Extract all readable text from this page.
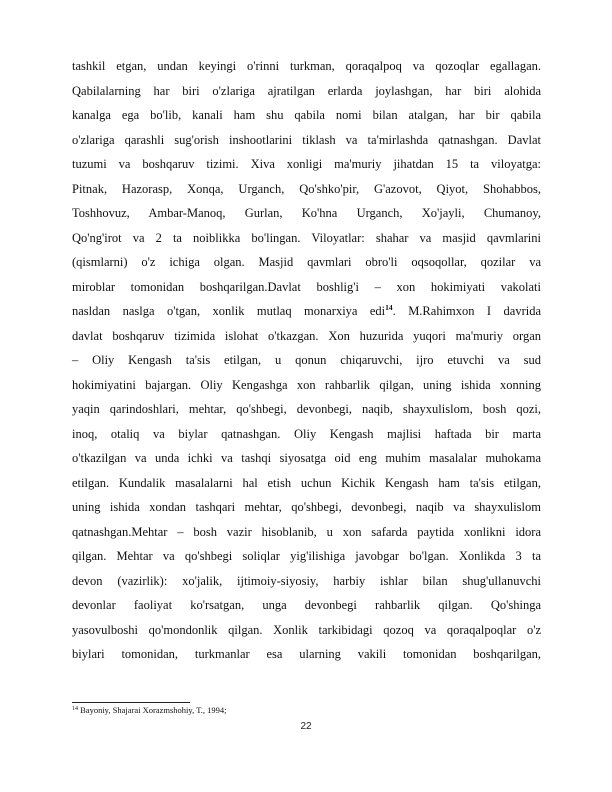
tashkil etgan, undan keyingi o'rinni turkman, qoraqalpoq va qozoqlar egallagan.
Qabilalarning har biri o'zlariga ajratilgan erlarda joylashgan, har biri alohida
kanalga ega bo'lib, kanali ham shu qabila nomi bilan atalgan, har bir qabila
o'zlariga qarashli sug'orish inshootlarini tiklash va ta'mirlashda qatnashgan. Davlat
tuzumi va boshqaruv tizimi. Xiva xonligi ma'muriy jihatdan 15 ta viloyatga:
Pitnak, Hazorasp, Xonqa, Urganch, Qo'shko'pir, G'azovot, Qiyot, Shohabbos,
Toshhovuz, Ambar-Manoq, Gurlan, Ko'hna Urganch, Xo'jayli, Chumanoy,
Qo'ng'irot va 2 ta noiblikka bo'lingan. Viloyatlar: shahar va masjid qavmlarini
(qismlarni) o'z ichiga olgan. Masjid qavmlari obro'li oqsoqollar, qozilar va
miroblar tomonidan boshqarilgan.Davlat boshlig'i – xon hokimiyati vakolati
nasldan naslga o'tgan, xonlik mutlaq monarxiya edi$^{14}$. M.Rahimxon I davrida
davlat boshqaruv tizimida islohat o'tkazgan. Xon huzurida yuqori ma'muriy organ
– Oliy Kengash ta'sis etilgan, u qonun chiqaruvchi, ijro etuvchi va sud
hokimiyatini bajargan. Oliy Kengashga xon rahbarlik qilgan, uning ishida xonning
yaqin qarindoshlari, mehtar, qo'shbegi, devonbegi, naqib, shayxulislom, bosh qozi,
inoq, otaliq va biylar qatnashgan. Oliy Kengash majlisi haftada bir marta
o'tkazilgan va unda ichki va tashqi siyosatga oid eng muhim masalalar muhokama
etilgan. Kundalik masalalarni hal etish uchun Kichik Kengash ham ta'sis etilgan,
uning ishida xondan tashqari mehtar, qo'shbegi, devonbegi, naqib va shayxulislom
qatnashgan.Mehtar – bosh vazir hisoblanib, u xon safarda paytida xonlikni idora
qilgan. Mehtar va qo'shbegi soliqlar yig'ilishiga javobgar bo'lgan. Xonlikda 3 ta
devon (vazirlik): xo'jalik, ijtimoiy-siyosiy, harbiy ishlar bilan shug'ullanuvchi
devonlar faoliyat ko'rsatgan, unga devonbegi rahbarlik qilgan. Qo'shinga
yasovulboshi qo'mondonlik qilgan. Xonlik tarkibidagi qozoq va qoraqalpoqlar o'z
biylari tomonidan, turkmanlar esa ularning vakili tomonidan boshqarilgan,
$^{14}$ Bayoniy, Shajarai Xorazmshohiy, T., 1994;
22
